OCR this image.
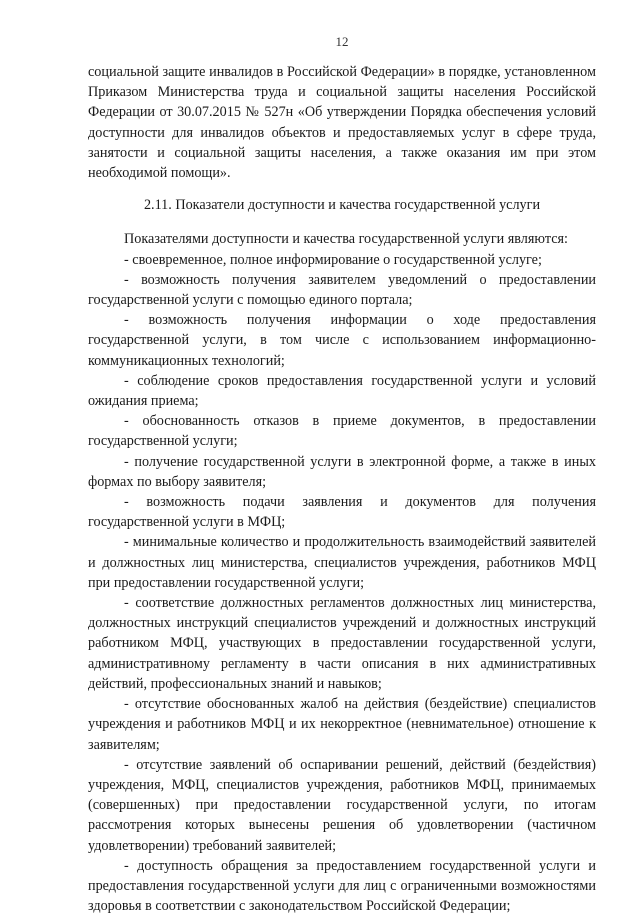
12

социальной защите инвалидов в Российской Федерации» в порядке, установленном Приказом Министерства труда и социальной защиты населения Российской Федерации от 30.07.2015 № 527н «Об утверждении Порядка обеспечения условий доступности для инвалидов объектов и предоставляемых услуг в сфере труда, занятости и социальной защиты населения, а также оказания им при этом необходимой помощи».

2.11. Показатели доступности и качества государственной услуги

Показателями доступности и качества государственной услуги являются:

- своевременное, полное информирование о государственной услуге;

- возможность получения заявителем уведомлений о предоставлении государственной услуги с помощью единого портала;

- возможность получения информации о ходе предоставления государственной услуги, в том числе с использованием информационно-коммуникационных технологий;

- соблюдение сроков предоставления государственной услуги и условий ожидания приема;

- обоснованность отказов в приеме документов, в предоставлении государственной услуги;

- получение государственной услуги в электронной форме, а также в иных формах по выбору заявителя;

- возможность подачи заявления и документов для получения государственной услуги в МФЦ;

- минимальные количество и продолжительность взаимодействий заявителей и должностных лиц министерства, специалистов учреждения, работников МФЦ при предоставлении государственной услуги;

- соответствие должностных регламентов должностных лиц министерства, должностных инструкций специалистов учреждений и должностных инструкций работником МФЦ, участвующих в предоставлении государственной услуги, административному регламенту в части описания в них административных действий, профессиональных знаний и навыков;

- отсутствие обоснованных жалоб на действия (бездействие) специалистов учреждения и работников МФЦ и их некорректное (невнимательное) отношение к заявителям;

- отсутствие заявлений об оспаривании решений, действий (бездействия) учреждения, МФЦ, специалистов учреждения, работников МФЦ, принимаемых (совершенных) при предоставлении государственной услуги, по итогам рассмотрения которых вынесены решения об удовлетворении (частичном удовлетворении) требований заявителей;

- доступность обращения за предоставлением государственной услуги и предоставления государственной услуги для лиц с ограниченными возможностями здоровья в соответствии с законодательством Российской Федерации;
